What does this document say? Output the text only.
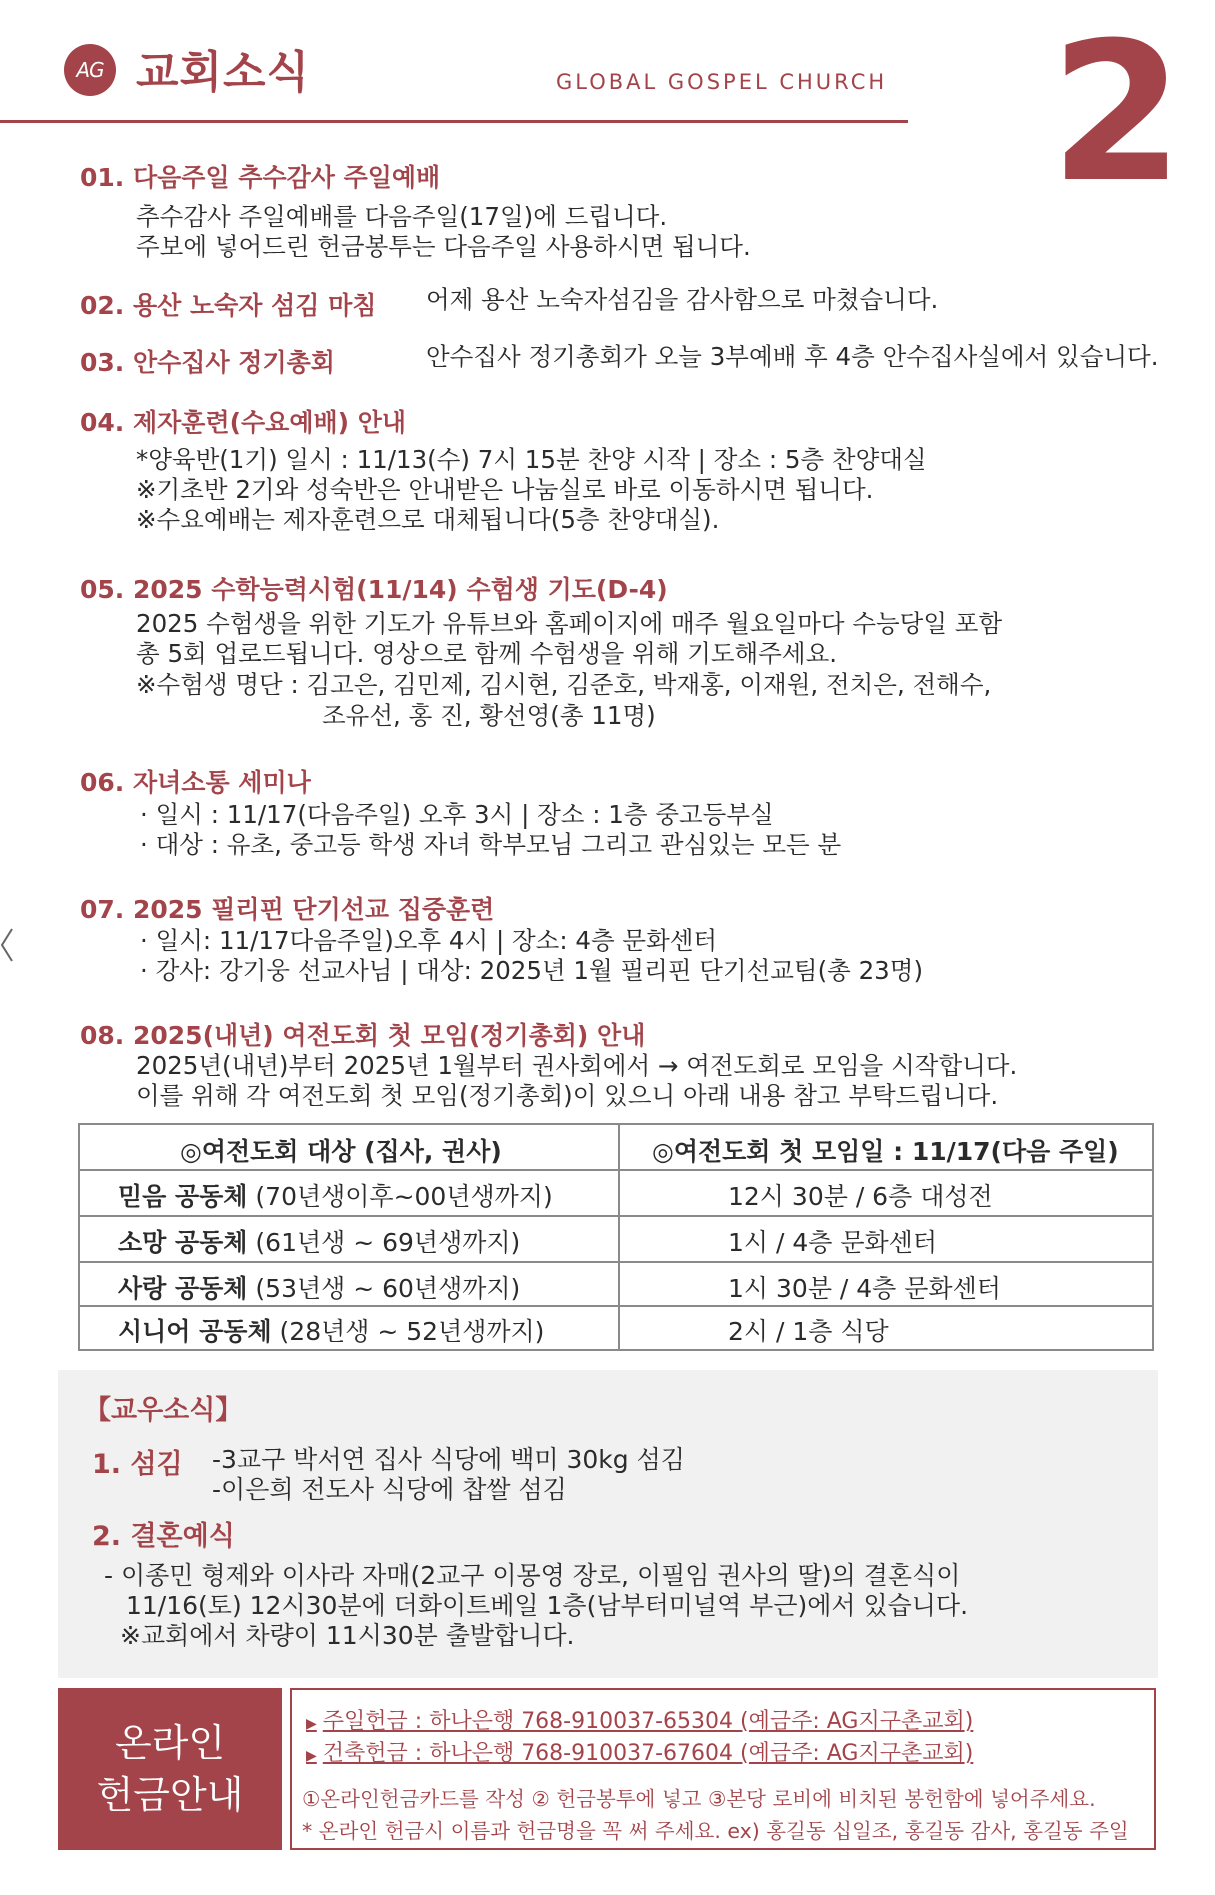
AG 교회소식	GLOBAL GOSPEL CHURCH 2
01. 다음주일 추수감사 주일예배
추수감사 주일예배를 다음주일(17일)에 드립니다.
주보에 넣어드린 헌금봉투는 다음주일 사용하시면 됩니다.
02. 용산 노숙자 섬김 마침 어제 용산 노숙자섬김을 감사함으로 마쳤습니다.
03. 안수집사 정기총회	안수집사 정기총회가 오늘 3부예배 후 4층 안수집사실에서 있습니다.
04. 제자훈련(수요예배) 안내
*양육반(1기) 일시 : 11/13(수) 7시 15분 찬양 시작 | 장소 : 5층 찬양대실
※기초반 2기와 성숙반은 안내받은 나눔실로 바로 이동하시면 됩니다.
※수요예배는 제자훈련으로 대체됩니다(5층 찬양대실).
05. 2025 수학능력시험(11/14) 수험생 기도(D-4)
2025 수험생을 위한 기도가 유튜브와 홈페이지에 매주 월요일마다 수능당일 포함
총 5회 업로드됩니다. 영상으로 함께 수험생을 위해 기도해주세요.
※수험생 명단 : 김고은, 김민제, 김시현, 김준호, 박재홍, 이재원, 전치은, 전해수,
조유선, 홍 진, 황선영(총 11명)
06. 자녀소통 세미나
· 일시 : 11/17(다음주일) 오후 3시 | 장소 : 1층 중고등부실
· 대상 : 유초, 중고등 학생 자녀 학부모님 그리고 관심있는 모든 분
07. 2025 필리핀 단기선교 집중훈련
· 일시: 11/17다음주일)오후 4시 | 장소: 4층 문화센터
· 강사: 강기웅 선교사님 | 대상: 2025년 1월 필리핀 단기선교팀(총 23명)
08. 2025(내년) 여전도회 첫 모임(정기총회) 안내
2025년(내년)부터 2025년 1월부터 권사회에서 → 여전도회로 모임을 시작합니다.
이를 위해 각 여전도회 첫 모임(정기총회)이 있으니 아래 내용 참고 부탁드립니다.
◎여전도회 대상 (집사, 권사)	◎여전도회 첫 모임일 : 11/17(다음 주일)
믿음 공동체 (70년생이후~00년생까지)	12시 30분 / 6층 대성전
소망 공동체 (61년생 ~ 69년생까지)	1시 / 4층 문화센터
사랑 공동체 (53년생 ~ 60년생까지)	1시 30분 / 4층 문화센터
시니어 공동체 (28년생 ~ 52년생까지)	2시 / 1층 식당
【교우소식】
1. 섬김 -3교구 박서연 집사 식당에 백미 30kg 섬김
-이은희 전도사 식당에 찹쌀 섬김
2. 결혼예식
- 이종민 형제와 이사라 자매(2교구 이몽영 장로, 이필임 권사의 딸)의 결혼식이
11/16(토) 12시30분에 더화이트베일 1층(남부터미널역 부근)에서 있습니다.
※교회에서 차량이 11시30분 출발합니다.
온라인
헌금안내
▶ 주일헌금 : 하나은행 768-910037-65304 (예금주: AG지구촌교회)
▶ 건축헌금 : 하나은행 768-910037-67604 (예금주: AG지구촌교회)
①온라인헌금카드를 작성 ② 헌금봉투에 넣고 ③본당 로비에 비치된 봉헌함에 넣어주세요.
* 온라인 헌금시 이름과 헌금명을 꼭 써 주세요. ex) 홍길동 십일조, 홍길동 감사, 홍길동 주일
